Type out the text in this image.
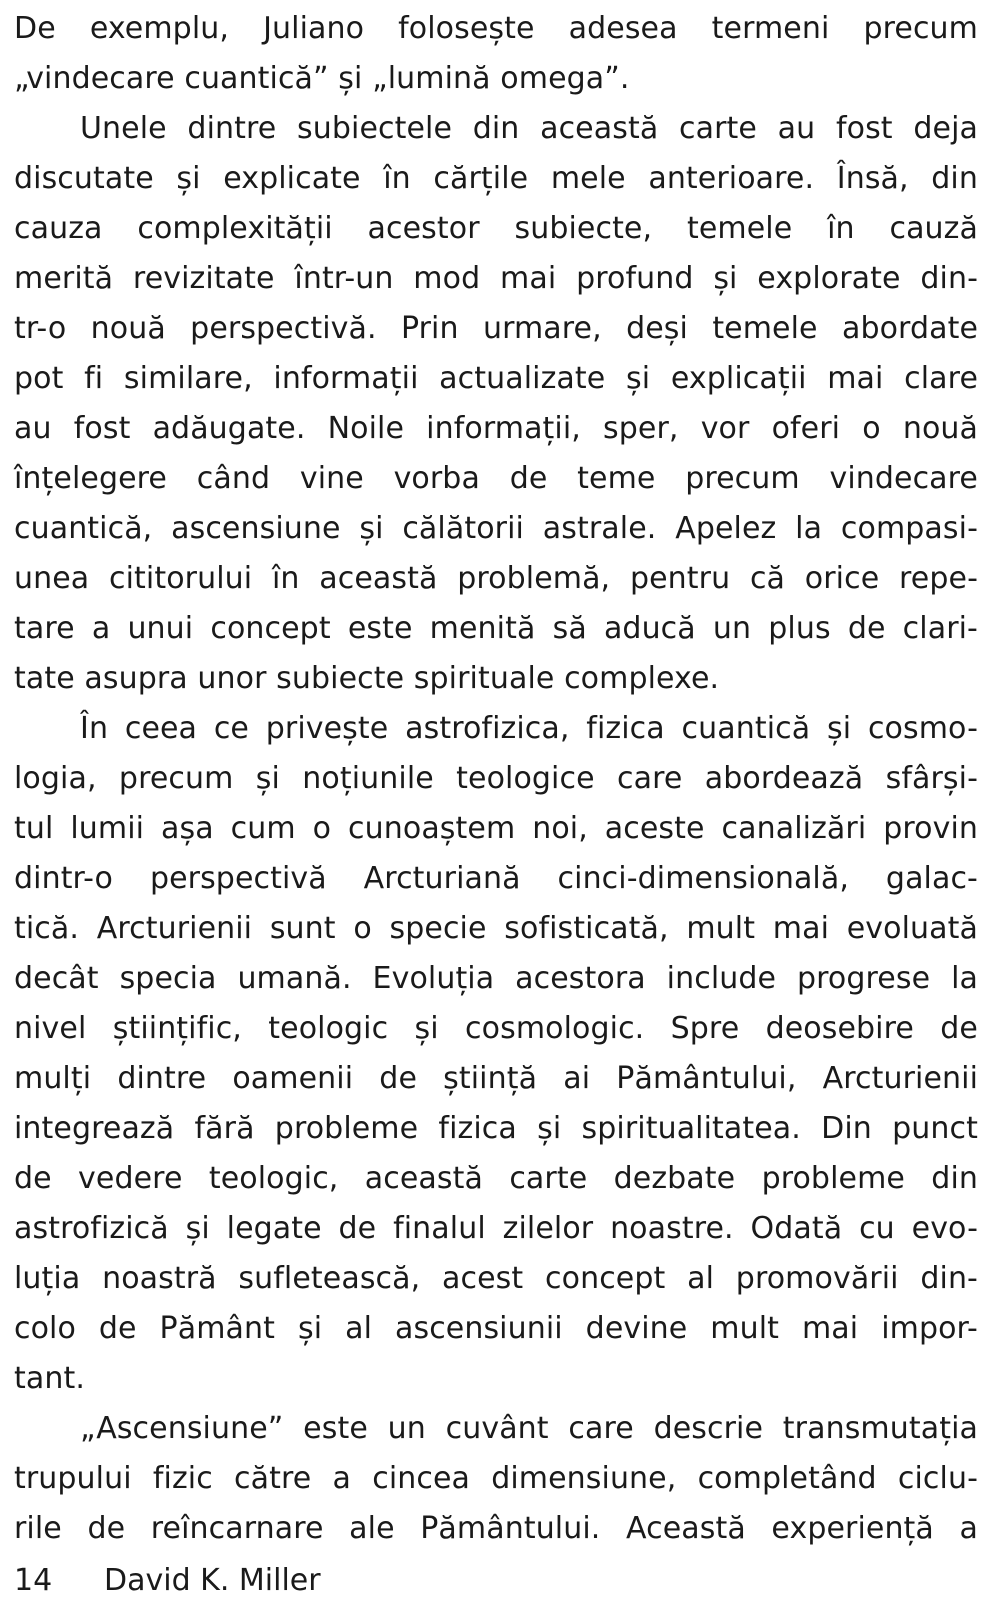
De exemplu, Juliano folosește adesea termeni precum
„vindecare cuantică” și „lumină omega”.
Unele dintre subiectele din această carte au fost deja
discutate și explicate în cărțile mele anterioare. Însă, din
cauza complexității acestor subiecte, temele în cauză
merită revizitate într-un mod mai profund și explorate din-
tr-o nouă perspectivă. Prin urmare, deși temele abordate
pot fi similare, informații actualizate și explicații mai clare
au fost adăugate. Noile informații, sper, vor oferi o nouă
înțelegere când vine vorba de teme precum vindecare
cuantică, ascensiune și călătorii astrale. Apelez la compasi-
unea cititorului în această problemă, pentru că orice repe-
tare a unui concept este menită să aducă un plus de clari-
tate asupra unor subiecte spirituale complexe.
În ceea ce privește astrofizica, fizica cuantică și cosmo-
logia, precum și noțiunile teologice care abordează sfârși-
tul lumii așa cum o cunoaștem noi, aceste canalizări provin
dintr-o perspectivă Arcturiană cinci-dimensională, galac-
tică. Arcturienii sunt o specie sofisticată, mult mai evoluată
decât specia umană. Evoluția acestora include progrese la
nivel științific, teologic și cosmologic. Spre deosebire de
mulți dintre oamenii de știință ai Pământului, Arcturienii
integrează fără probleme fizica și spiritualitatea. Din punct
de vedere teologic, această carte dezbate probleme din
astrofizică și legate de finalul zilelor noastre. Odată cu evo-
luția noastră sufletească, acest concept al promovării din-
colo de Pământ și al ascensiunii devine mult mai impor-
tant.
„Ascensiune” este un cuvânt care descrie transmutația
trupului fizic către a cincea dimensiune, completând ciclu-
rile de reîncarnare ale Pământului. Această experiență a
14 David K. Miller
